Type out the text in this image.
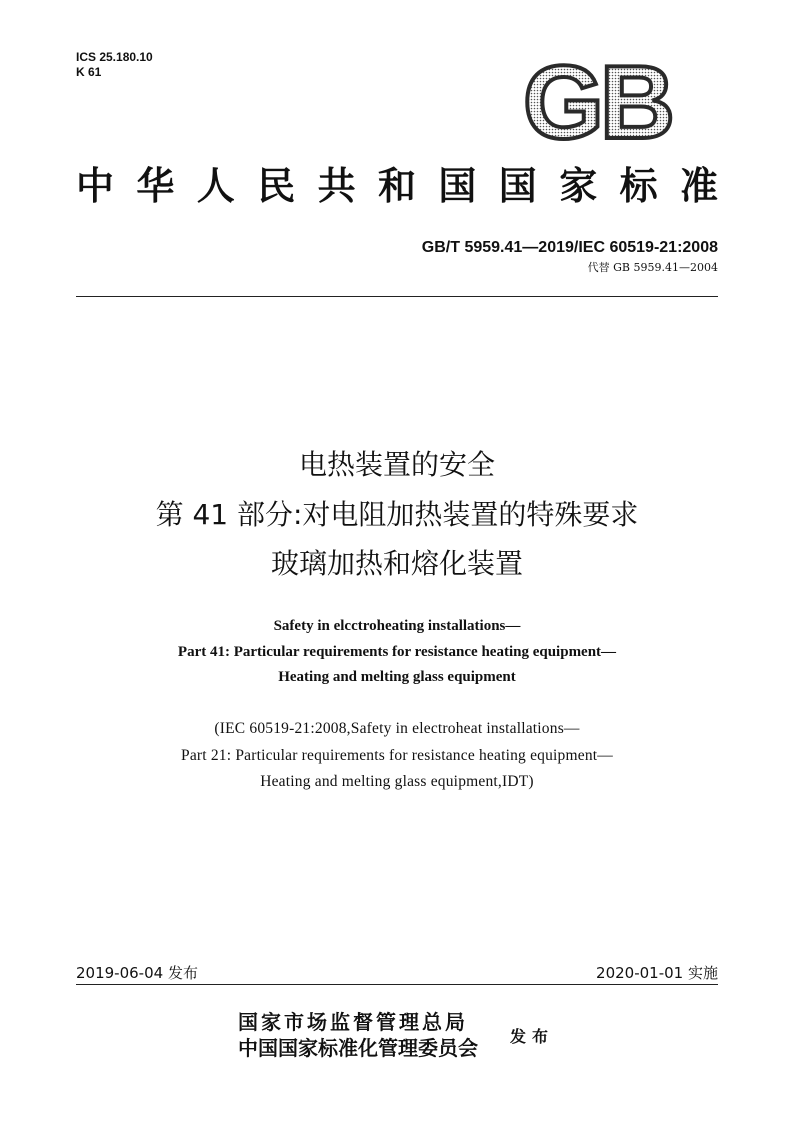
ICS 25.180.10
K 61	GB
中华人民共和国国家标准
GB/T 5959.41—2019/IEC 60519-21:2008
代替 GB 5959.41—2004
电热装置的安全
第 41 部分:对电阻加热装置的特殊要求
玻璃加热和熔化装置
Safety in elcctroheating installations—
Part 41: Particular requirements for resistance heating equipment—
Heating and melting glass equipment
(IEC 60519-21:2008,Safety in electroheat installations—
Part 21: Particular requirements for resistance heating equipment—
Heating and melting glass equipment,IDT)
2019-06-04 发布	2020-01-01 实施
国家市场监督管理总局
中国国家标准化管理委员会 发布
